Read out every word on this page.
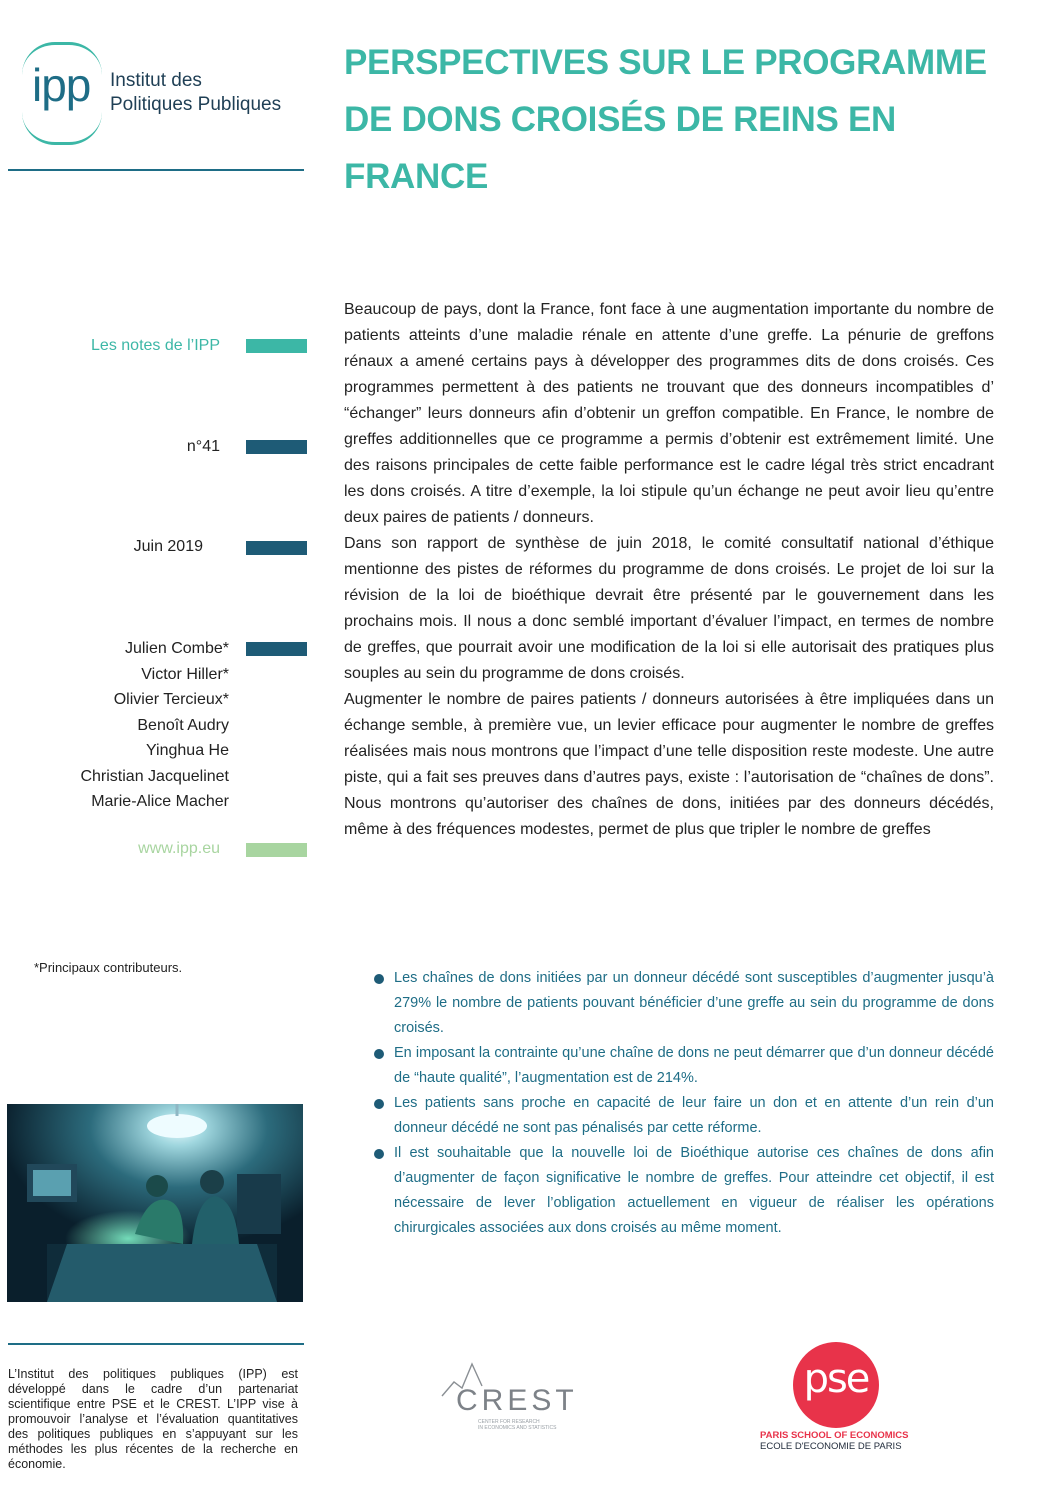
ipp Institut des
Politiques Publiques
PERSPECTIVES SUR LE PROGRAMME DE DONS CROISÉS DE REINS EN FRANCE
Les notes de l’IPP
n°41
Juin 2019
Julien Combe*
Victor Hiller*
Olivier Tercieux*
Benoît Audry
Yinghua He
Christian Jacquelinet
Marie-Alice Macher
www.ipp.eu

Beaucoup de pays, dont la France, font face à une augmentation importante du nombre de patients atteints d’une maladie rénale en attente d’une greffe. La pénurie de greffons rénaux a amené certains pays à développer des programmes dits de dons croisés. Ces programmes permettent à des patients ne trouvant que des donneurs incompatibles d’ “échanger” leurs donneurs afin d’obtenir un greffon compatible. En France, le nombre de greffes additionnelles que ce programme a permis d’obtenir est extrêmement limité. Une des raisons principales de cette faible performance est le cadre légal très strict encadrant les dons croisés. A titre d’exemple, la loi stipule qu’un échange ne peut avoir lieu qu’entre deux paires de patients / donneurs.

Dans son rapport de synthèse de juin 2018, le comité consultatif national d’éthique mentionne des pistes de réformes du programme de dons croisés. Le projet de loi sur la révision de la loi de bioéthique devrait être présenté par le gouvernement dans les prochains mois. Il nous a donc semblé important d’évaluer l’impact, en termes de nombre de greffes, que pourrait avoir une modification de la loi si elle autorisait des pratiques plus souples au sein du programme de dons croisés.

Augmenter le nombre de paires patients / donneurs autorisées à être impliquées dans un échange semble, à première vue, un levier efficace pour augmenter le nombre de greffes réalisées mais nous montrons que l’impact d’une telle disposition reste modeste. Une autre piste, qui a fait ses preuves dans d’autres pays, existe : l’autorisation de “chaînes de dons”. Nous montrons qu’autoriser des chaînes de dons, initiées par des donneurs décédés, même à des fréquences modestes, permet de plus que tripler le nombre de greffes

*Principaux contributeurs.
Les chaînes de dons initiées par un donneur décédé sont susceptibles d’augmenter jusqu’à 279% le nombre de patients pouvant bénéficier d’une greffe au sein du programme de dons croisés.
En imposant la contrainte qu’une chaîne de dons ne peut démarrer que d’un donneur décédé de “haute qualité”, l’augmentation est de 214%.
Les patients sans proche en capacité de leur faire un don et en attente d’un rein d’un donneur décédé ne sont pas pénalisés par cette réforme.
Il est souhaitable que la nouvelle loi de Bioéthique autorise ces chaînes de dons afin d’augmenter de façon significative le nombre de greffes. Pour atteindre cet objectif, il est nécessaire de lever l’obligation actuellement en vigueur de réaliser les opérations chirurgicales associées aux dons croisés au même moment.
L’Institut des politiques publiques (IPP) est développé dans le cadre d’un partenariat scientifique entre PSE et le CREST. L’IPP vise à promouvoir l’analyse et l’évaluation quantitatives des politiques publiques en s’appuyant sur les méthodes les plus récentes de la recherche en économie.
CREST
CENTER FOR RESEARCH
IN ECONOMICS AND STATISTICS
pse
PARIS SCHOOL OF ECONOMICS
ECOLE D'ECONOMIE DE PARIS
